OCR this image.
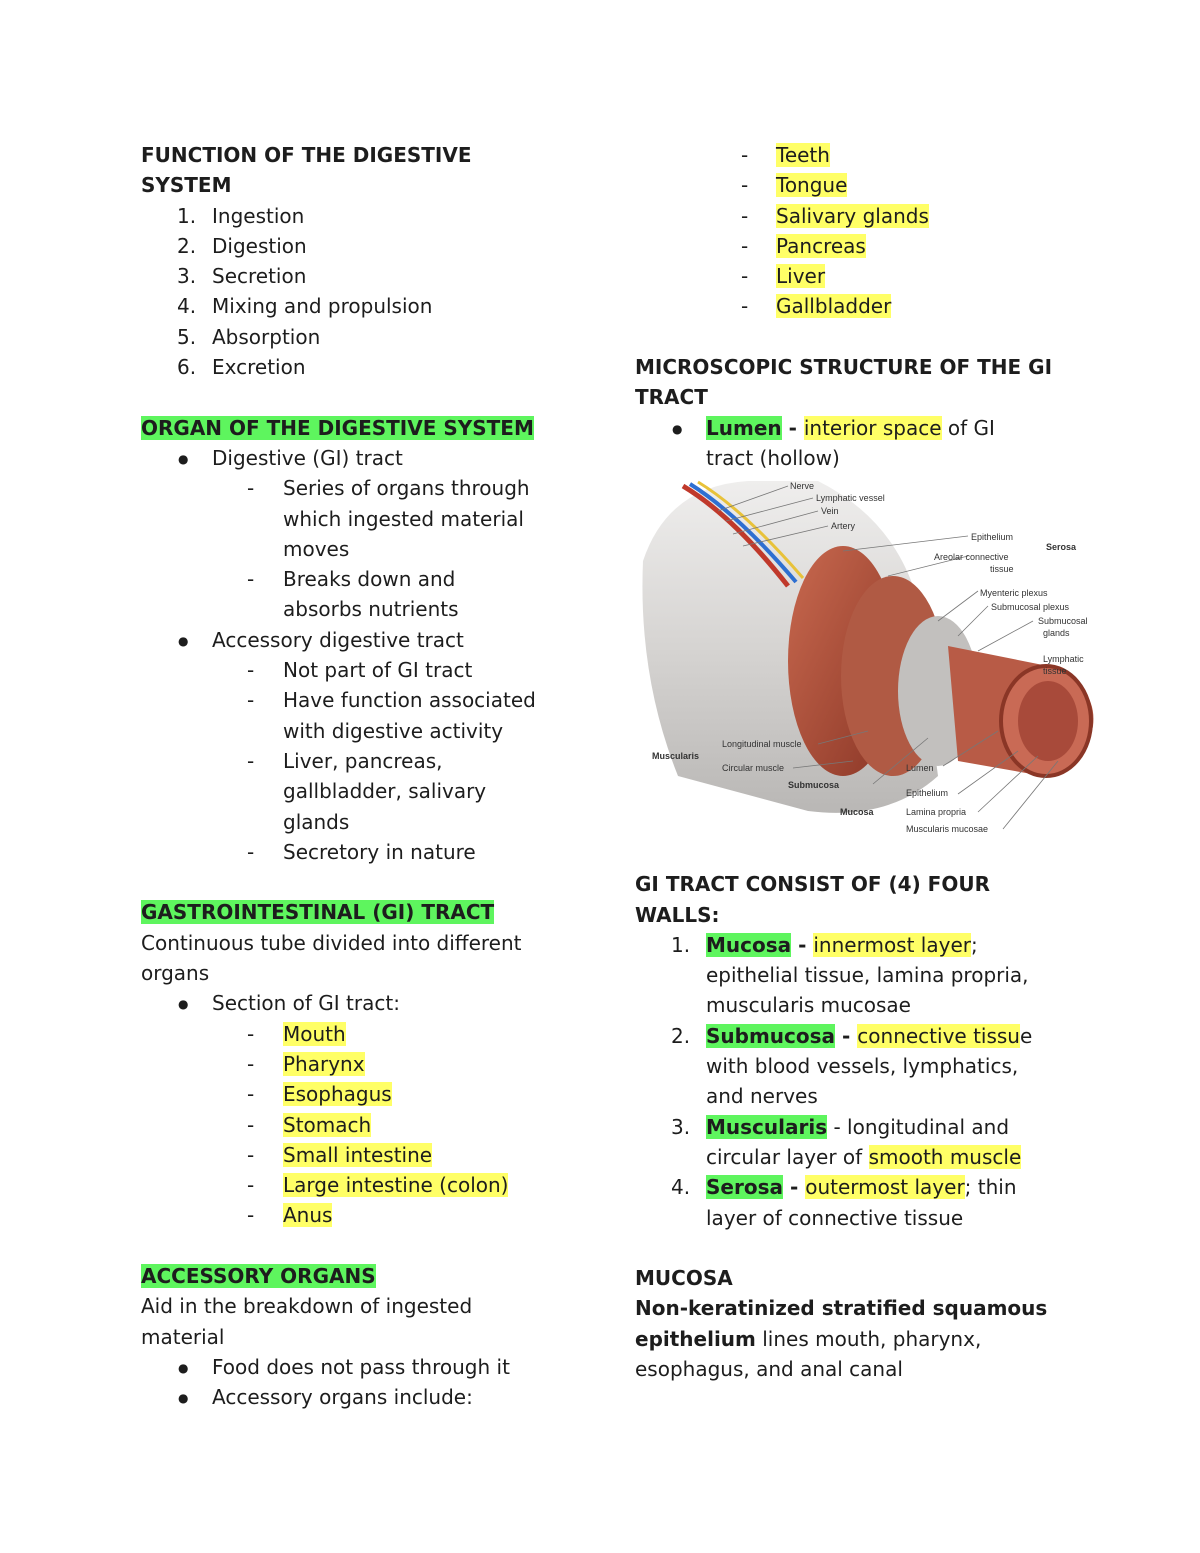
FUNCTION OF THE DIGESTIVE
SYSTEM

1. Ingestion
2. Digestion
3. Secretion
4. Mixing and propulsion
5. Absorption
6. Excretion

ORGAN OF THE DIGESTIVE SYSTEM

● Digestive (GI) tract
- Series of organs through
which ingested material
moves
- Breaks down and
absorbs nutrients
● Accessory digestive tract
- Not part of GI tract
- Have function associated
with digestive activity
- Liver, pancreas,
gallbladder, salivary
glands
- Secretory in nature

GASTROINTESTINAL (GI) TRACT

Continuous tube divided into different
organs

● Section of GI tract:
- Mouth
- Pharynx
- Esophagus
- Stomach
- Small intestine
- Large intestine (colon)
- Anus

ACCESSORY ORGANS

Aid in the breakdown of ingested
material

● Food does not pass through it
● Accessory organs include:
- Teeth
- Tongue
- Salivary glands
- Pancreas
- Liver
- Gallbladder

MICROSCOPIC STRUCTURE OF THE GI
TRACT

● Lumen - interior space of GI
tract (hollow)

GI TRACT CONSIST OF (4) FOUR
WALLS:

1. Mucosa - innermost layer;
epithelial tissue, lamina propria,
muscularis mucosae
2. Submucosa - connective tissue
with blood vessels, lymphatics,
and nerves
3. Muscularis - longitudinal and
circular layer of smooth muscle
4. Serosa - outermost layer; thin
layer of connective tissue

MUCOSA

Non-keratinized stratified squamous
epithelium lines mouth, pharynx,
esophagus, and anal canal

Nerve
Lymphatic vessel
Vein
Artery
Epithelium
Areolar connective
tissue
Serosa
Myenteric plexus
Submucosal plexus
Submucosal
glands
Lymphatic
tissue
Longitudinal muscle
Circular muscle
Muscularis
Submucosa
Lumen
Epithelium
Lamina propria
Mucosa
Muscularis mucosae
